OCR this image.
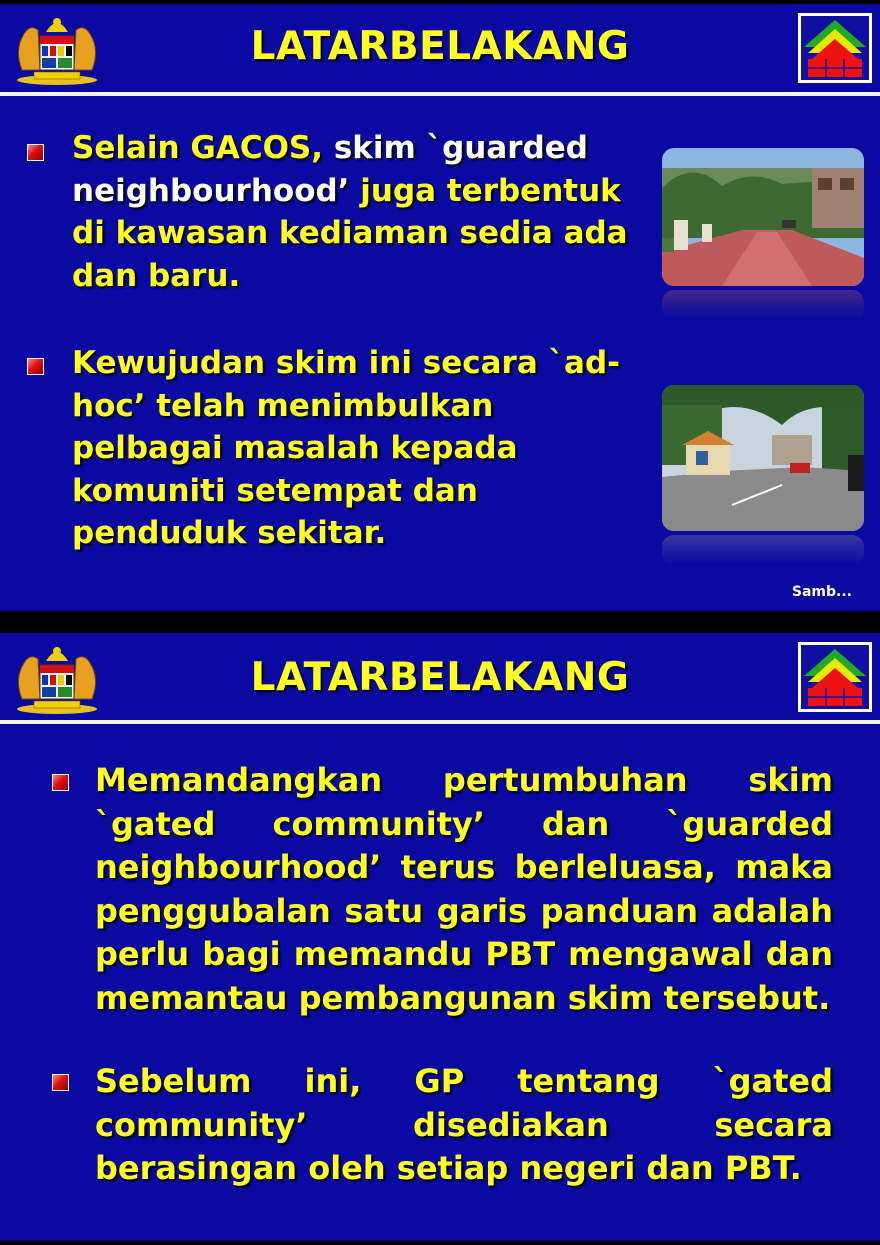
LATARBELAKANG
Selain GACOS, skim `guarded neighbourhood’ juga terbentuk di kawasan kediaman sedia ada dan baru.
Kewujudan skim ini secara `ad-hoc’ telah menimbulkan pelbagai masalah kepada komuniti setempat dan penduduk sekitar.
Samb...
LATARBELAKANG
Memandangkan pertumbuhan skim `gated community’ dan `guarded neighbourhood’ terus berleluasa, maka penggubalan satu garis panduan adalah perlu bagi memandu PBT mengawal dan memantau pembangunan skim tersebut.
Sebelum ini, GP tentang `gated community’ disediakan secara berasingan oleh setiap negeri dan PBT.
